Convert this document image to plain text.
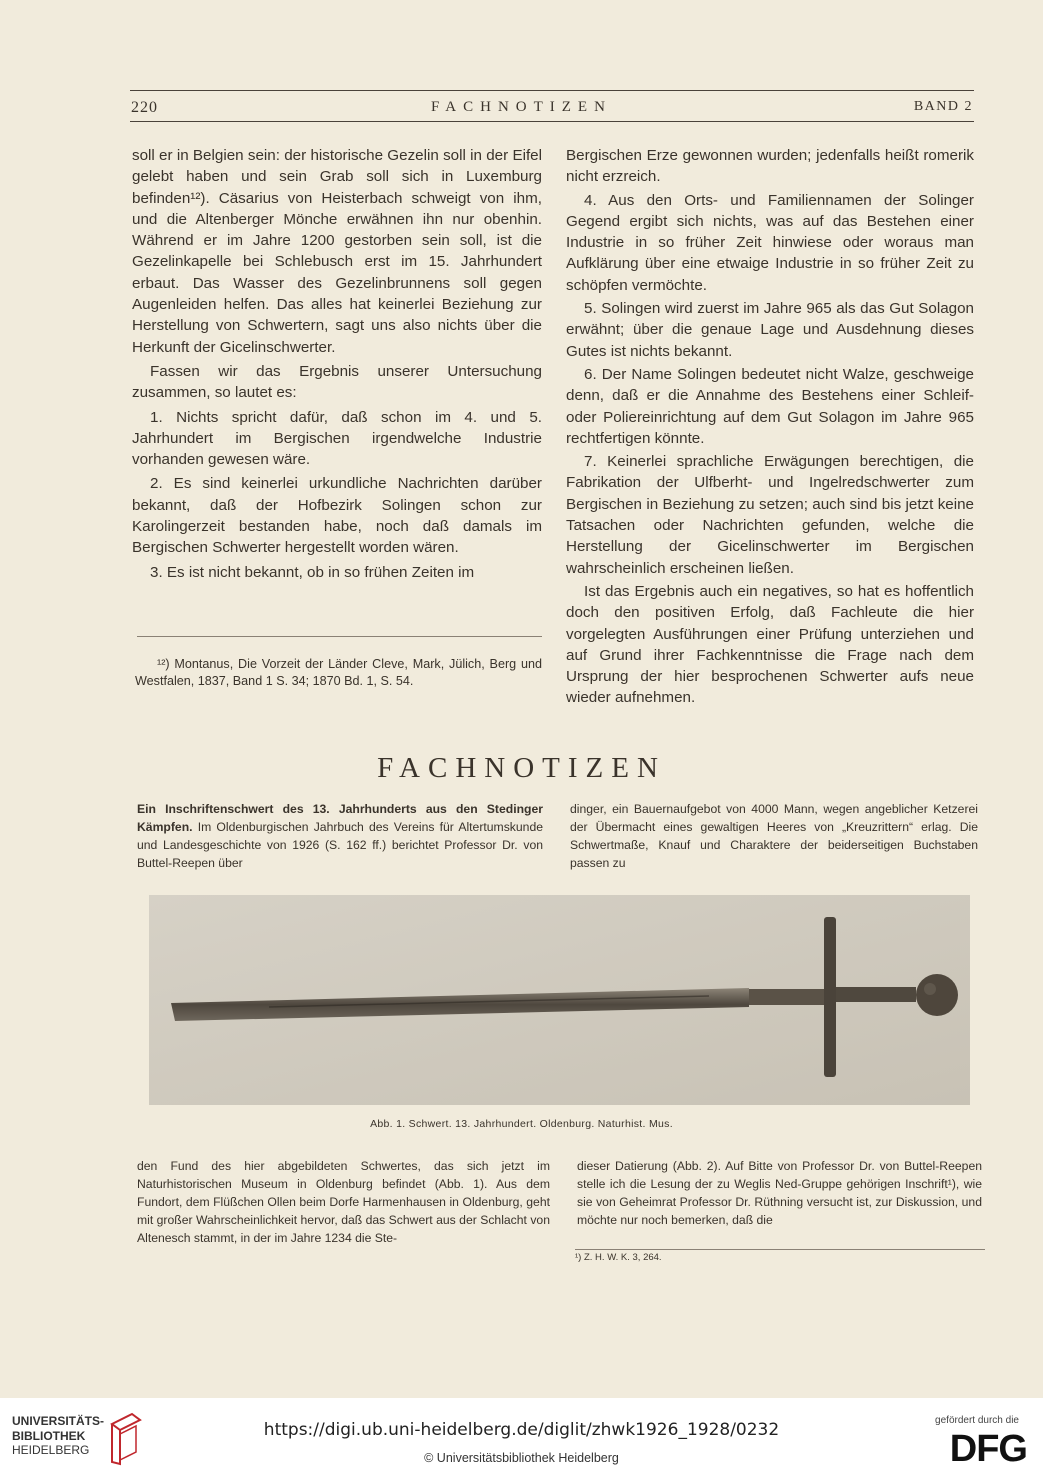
220	FACHNOTIZEN	BAND 2

soll er in Belgien sein: der historische Gezelin soll in der Eifel gelebt haben und sein Grab soll sich in Luxemburg befinden¹²). Cäsarius von Heisterbach schweigt von ihm, und die Altenberger Mönche erwähnen ihn nur obenhin. Während er im Jahre 1200 gestorben sein soll, ist die Gezelinkapelle bei Schlebusch erst im 15. Jahrhundert erbaut. Das Wasser des Gezelinbrunnens soll gegen Augenleiden helfen. Das alles hat keinerlei Beziehung zur Herstellung von Schwertern, sagt uns also nichts über die Herkunft der Gicelinschwerter.

Fassen wir das Ergebnis unserer Untersuchung zusammen, so lautet es:

1. Nichts spricht dafür, daß schon im 4. und 5. Jahrhundert im Bergischen irgendwelche Industrie vorhanden gewesen wäre.

2. Es sind keinerlei urkundliche Nachrichten darüber bekannt, daß der Hofbezirk Solingen schon zur Karolingerzeit bestanden habe, noch daß damals im Bergischen Schwerter hergestellt worden wären.

3. Es ist nicht bekannt, ob in so frühen Zeiten im

¹²) Montanus, Die Vorzeit der Länder Cleve, Mark, Jülich, Berg und Westfalen, 1837, Band 1 S. 34; 1870 Bd. 1, S. 54.

Bergischen Erze gewonnen wurden; jedenfalls heißt romerik nicht erzreich.

4. Aus den Orts- und Familiennamen der Solinger Gegend ergibt sich nichts, was auf das Bestehen einer Industrie in so früher Zeit hinwiese oder woraus man Aufklärung über eine etwaige Industrie in so früher Zeit zu schöpfen vermöchte.

5. Solingen wird zuerst im Jahre 965 als das Gut Solagon erwähnt; über die genaue Lage und Ausdehnung dieses Gutes ist nichts bekannt.

6. Der Name Solingen bedeutet nicht Walze, geschweige denn, daß er die Annahme des Bestehens einer Schleif- oder Poliereinrichtung auf dem Gut Solagon im Jahre 965 rechtfertigen könnte.

7. Keinerlei sprachliche Erwägungen berechtigen, die Fabrikation der Ulfberht- und Ingelredschwerter zum Bergischen in Beziehung zu setzen; auch sind bis jetzt keine Tatsachen oder Nachrichten gefunden, welche die Herstellung der Gicelinschwerter im Bergischen wahrscheinlich erscheinen ließen.

Ist das Ergebnis auch ein negatives, so hat es hoffentlich doch den positiven Erfolg, daß Fachleute die hier vorgelegten Ausführungen einer Prüfung unterziehen und auf Grund ihrer Fachkenntnisse die Frage nach dem Ursprung der hier besprochenen Schwerter aufs neue wieder aufnehmen.

FACHNOTIZEN

Ein Inschriftenschwert des 13. Jahrhunderts aus den Stedinger Kämpfen. Im Oldenburgischen Jahrbuch des Vereins für Altertumskunde und Landesgeschichte von 1926 (S. 162 ff.) berichtet Professor Dr. von Buttel-Reepen über

dinger, ein Bauernaufgebot von 4000 Mann, wegen angeblicher Ketzerei der Übermacht eines gewaltigen Heeres von „Kreuzrittern“ erlag. Die Schwertmaße, Knauf und Charaktere der beiderseitigen Buchstaben passen zu

Abb. 1. Schwert. 13. Jahrhundert. Oldenburg. Naturhist. Mus.

den Fund des hier abgebildeten Schwertes, das sich jetzt im Naturhistorischen Museum in Oldenburg befindet (Abb. 1). Aus dem Fundort, dem Flüßchen Ollen beim Dorfe Harmenhausen in Oldenburg, geht mit großer Wahrscheinlichkeit hervor, daß das Schwert aus der Schlacht von Altenesch stammt, in der im Jahre 1234 die Ste-

dieser Datierung (Abb. 2). Auf Bitte von Professor Dr. von Buttel-Reepen stelle ich die Lesung der zu Weglis Ned-Gruppe gehörigen Inschrift¹), wie sie von Geheimrat Professor Dr. Rüthning versucht ist, zur Diskussion, und möchte nur noch bemerken, daß die

¹) Z. H. W. K. 3, 264.
UNIVERSITÄTS-
BIBLIOTHEK
HEIDELBERG
https://digi.ub.uni-heidelberg.de/diglit/zhwk1926_1928/0232
© Universitätsbibliothek Heidelberg
gefördert durch die
DFG
